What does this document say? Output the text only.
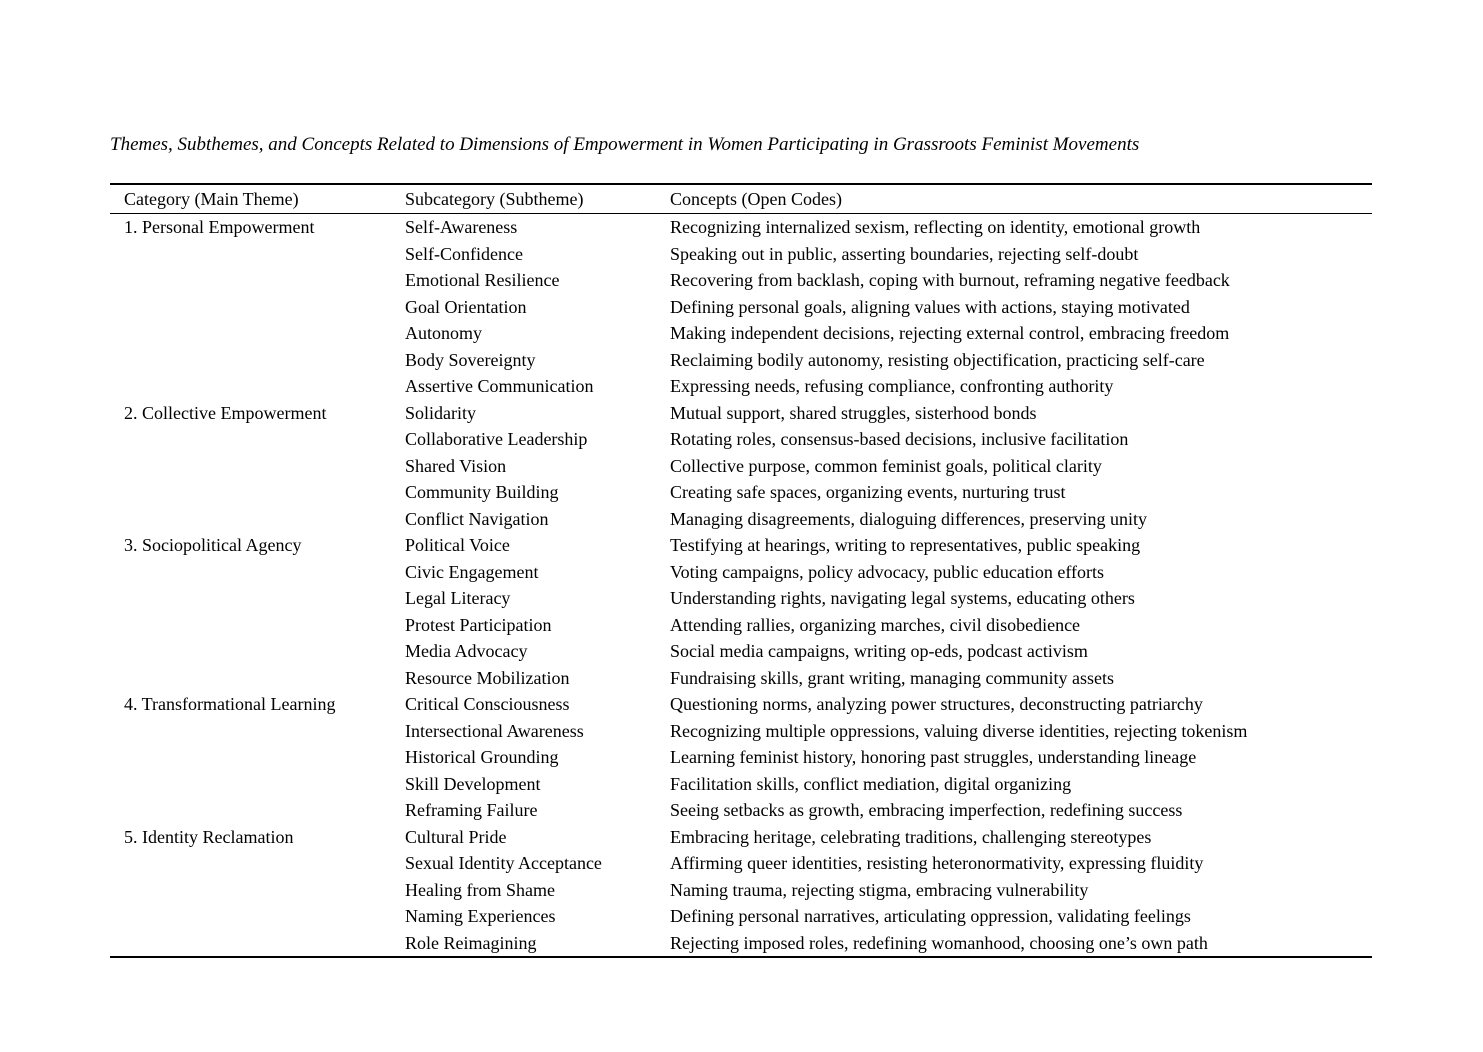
Themes, Subthemes, and Concepts Related to Dimensions of Empowerment in Women Participating in Grassroots Feminist Movements
Category (Main Theme)	Subcategory (Subtheme)	Concepts (Open Codes)
1. Personal Empowerment	Self-Awareness	Recognizing internalized sexism, reflecting on identity, emotional growth
	Self-Confidence	Speaking out in public, asserting boundaries, rejecting self-doubt
	Emotional Resilience	Recovering from backlash, coping with burnout, reframing negative feedback
	Goal Orientation	Defining personal goals, aligning values with actions, staying motivated
	Autonomy	Making independent decisions, rejecting external control, embracing freedom
	Body Sovereignty	Reclaiming bodily autonomy, resisting objectification, practicing self-care
	Assertive Communication	Expressing needs, refusing compliance, confronting authority
2. Collective Empowerment	Solidarity	Mutual support, shared struggles, sisterhood bonds
	Collaborative Leadership	Rotating roles, consensus-based decisions, inclusive facilitation
	Shared Vision	Collective purpose, common feminist goals, political clarity
	Community Building	Creating safe spaces, organizing events, nurturing trust
	Conflict Navigation	Managing disagreements, dialoguing differences, preserving unity
3. Sociopolitical Agency	Political Voice	Testifying at hearings, writing to representatives, public speaking
	Civic Engagement	Voting campaigns, policy advocacy, public education efforts
	Legal Literacy	Understanding rights, navigating legal systems, educating others
	Protest Participation	Attending rallies, organizing marches, civil disobedience
	Media Advocacy	Social media campaigns, writing op-eds, podcast activism
	Resource Mobilization	Fundraising skills, grant writing, managing community assets
4. Transformational Learning	Critical Consciousness	Questioning norms, analyzing power structures, deconstructing patriarchy
	Intersectional Awareness	Recognizing multiple oppressions, valuing diverse identities, rejecting tokenism
	Historical Grounding	Learning feminist history, honoring past struggles, understanding lineage
	Skill Development	Facilitation skills, conflict mediation, digital organizing
	Reframing Failure	Seeing setbacks as growth, embracing imperfection, redefining success
5. Identity Reclamation	Cultural Pride	Embracing heritage, celebrating traditions, challenging stereotypes
	Sexual Identity Acceptance	Affirming queer identities, resisting heteronormativity, expressing fluidity
	Healing from Shame	Naming trauma, rejecting stigma, embracing vulnerability
	Naming Experiences	Defining personal narratives, articulating oppression, validating feelings
	Role Reimagining	Rejecting imposed roles, redefining womanhood, choosing one’s own path
